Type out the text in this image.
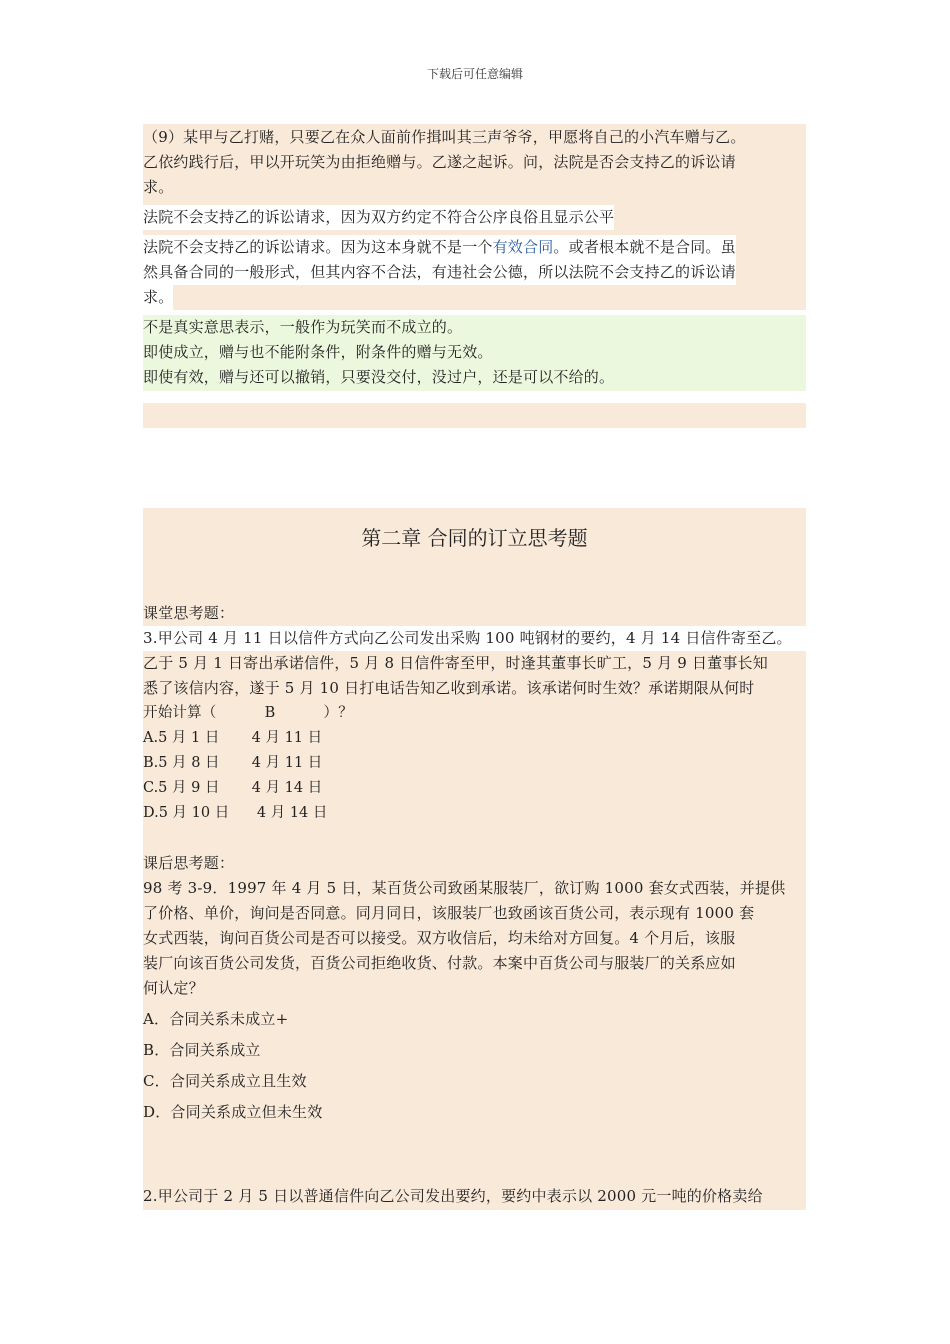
下载后可任意编辑
（9）某甲与乙打赌，只要乙在众人面前作揖叫其三声爷爷，甲愿将自己的小汽车赠与乙。
乙依约践行后，甲以开玩笑为由拒绝赠与。乙遂之起诉。问，法院是否会支持乙的诉讼请
求。
法院不会支持乙的诉讼请求，因为双方约定不符合公序良俗且显示公平
法院不会支持乙的诉讼请求。因为这本身就不是一个有效合同。或者根本就不是合同。虽
然具备合同的一般形式，但其内容不合法，有违社会公德，所以法院不会支持乙的诉讼请
求。
不是真实意思表示，一般作为玩笑而不成立的。
即使成立，赠与也不能附条件，附条件的赠与无效。
即使有效，赠与还可以撤销，只要没交付，没过户，还是可以不给的。
第二章 合同的订立思考题
课堂思考题：
3.甲公司 4 月 11 日以信件方式向乙公司发出采购 100 吨钢材的要约，4 月 14 日信件寄至乙。
乙于 5 月 1 日寄出承诺信件，5 月 8 日信件寄至甲，时逢其董事长旷工，5 月 9 日董事长知
悉了该信内容，遂于 5 月 10 日打电话告知乙收到承诺。该承诺何时生效？承诺期限从何时
开始计算（          B          ）？
A.5 月 1 日       4 月 11 日
B.5 月 8 日       4 月 11 日
C.5 月 9 日       4 月 14 日
D.5 月 10 日      4 月 14 日
课后思考题：
98 考 3-9．1997 年 4 月 5 日，某百货公司致函某服装厂，欲订购 1000 套女式西装，并提供
了价格、单价，询问是否同意。同月同日，该服装厂也致函该百货公司，表示现有 1000 套
女式西装，询问百货公司是否可以接受。双方收信后，均未给对方回复。4 个月后，该服
装厂向该百货公司发货，百货公司拒绝收货、付款。本案中百货公司与服装厂的关系应如
何认定？
A．合同关系未成立+
B．合同关系成立
C．合同关系成立且生效
D．合同关系成立但未生效
2.甲公司于 2 月 5 日以普通信件向乙公司发出要约，要约中表示以 2000 元一吨的价格卖给
